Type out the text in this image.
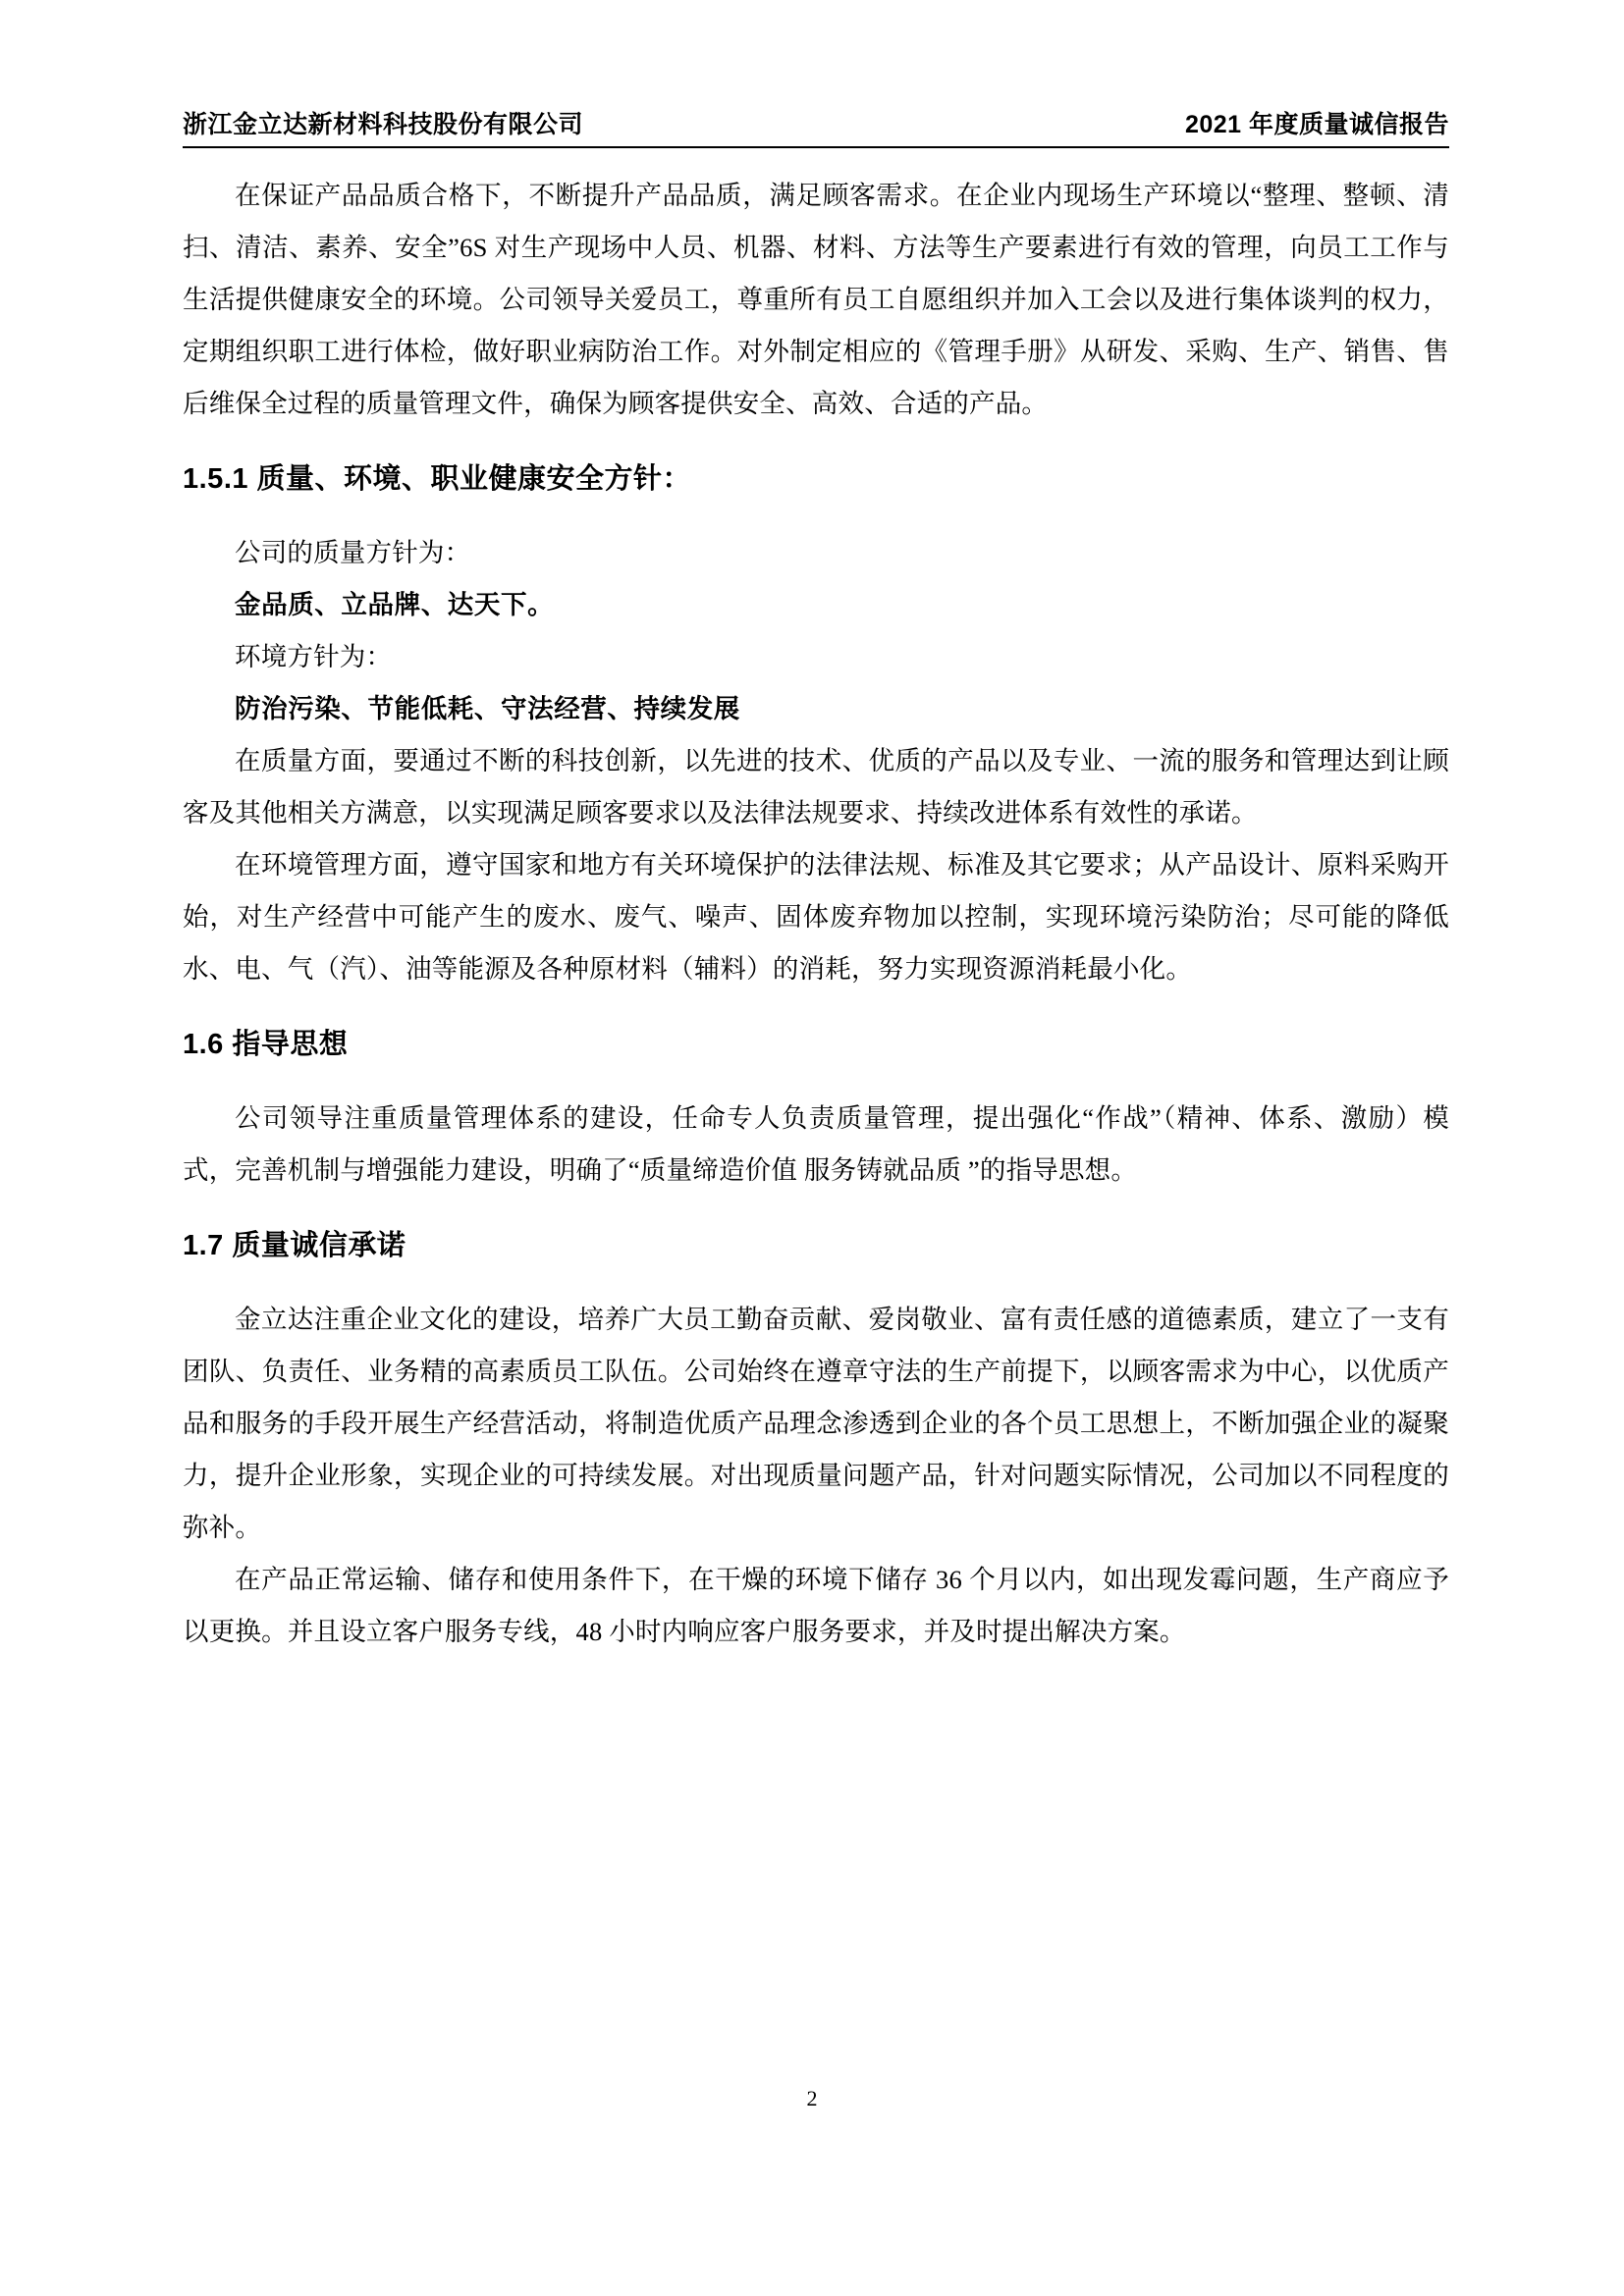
浙江金立达新材料科技股份有限公司	2021 年度质量诚信报告

在保证产品品质合格下，不断提升产品品质，满足顾客需求。在企业内现场生产环境以“整理、整顿、清扫、清洁、素养、安全”6S 对生产现场中人员、机器、材料、方法等生产要素进行有效的管理，向员工工作与生活提供健康安全的环境。公司领导关爱员工，尊重所有员工自愿组织并加入工会以及进行集体谈判的权力，定期组织职工进行体检，做好职业病防治工作。对外制定相应的《管理手册》从研发、采购、生产、销售、售后维保全过程的质量管理文件，确保为顾客提供安全、高效、合适的产品。

1.5.1 质量、环境、职业健康安全方针：

公司的质量方针为：

金品质、立品牌、达天下。

环境方针为：

防治污染、节能低耗、守法经营、持续发展

在质量方面，要通过不断的科技创新，以先进的技术、优质的产品以及专业、一流的服务和管理达到让顾客及其他相关方满意，以实现满足顾客要求以及法律法规要求、持续改进体系有效性的承诺。

在环境管理方面，遵守国家和地方有关环境保护的法律法规、标准及其它要求；从产品设计、原料采购开始，对生产经营中可能产生的废水、废气、噪声、固体废弃物加以控制，实现环境污染防治；尽可能的降低水、电、气（汽）、油等能源及各种原材料（辅料）的消耗，努力实现资源消耗最小化。

1.6 指导思想

公司领导注重质量管理体系的建设，任命专人负责质量管理，提出强化“作战”（精神、体系、激励）模式，完善机制与增强能力建设，明确了“质量缔造价值 服务铸就品质 ”的指导思想。

1.7 质量诚信承诺

金立达注重企业文化的建设，培养广大员工勤奋贡献、爱岗敬业、富有责任感的道德素质，建立了一支有团队、负责任、业务精的高素质员工队伍。公司始终在遵章守法的生产前提下，以顾客需求为中心，以优质产品和服务的手段开展生产经营活动，将制造优质产品理念渗透到企业的各个员工思想上，不断加强企业的凝聚力，提升企业形象，实现企业的可持续发展。对出现质量问题产品，针对问题实际情况，公司加以不同程度的弥补。

在产品正常运输、储存和使用条件下，在干燥的环境下储存 36 个月以内，如出现发霉问题，生产商应予以更换。并且设立客户服务专线，48 小时内响应客户服务要求，并及时提出解决方案。

2
